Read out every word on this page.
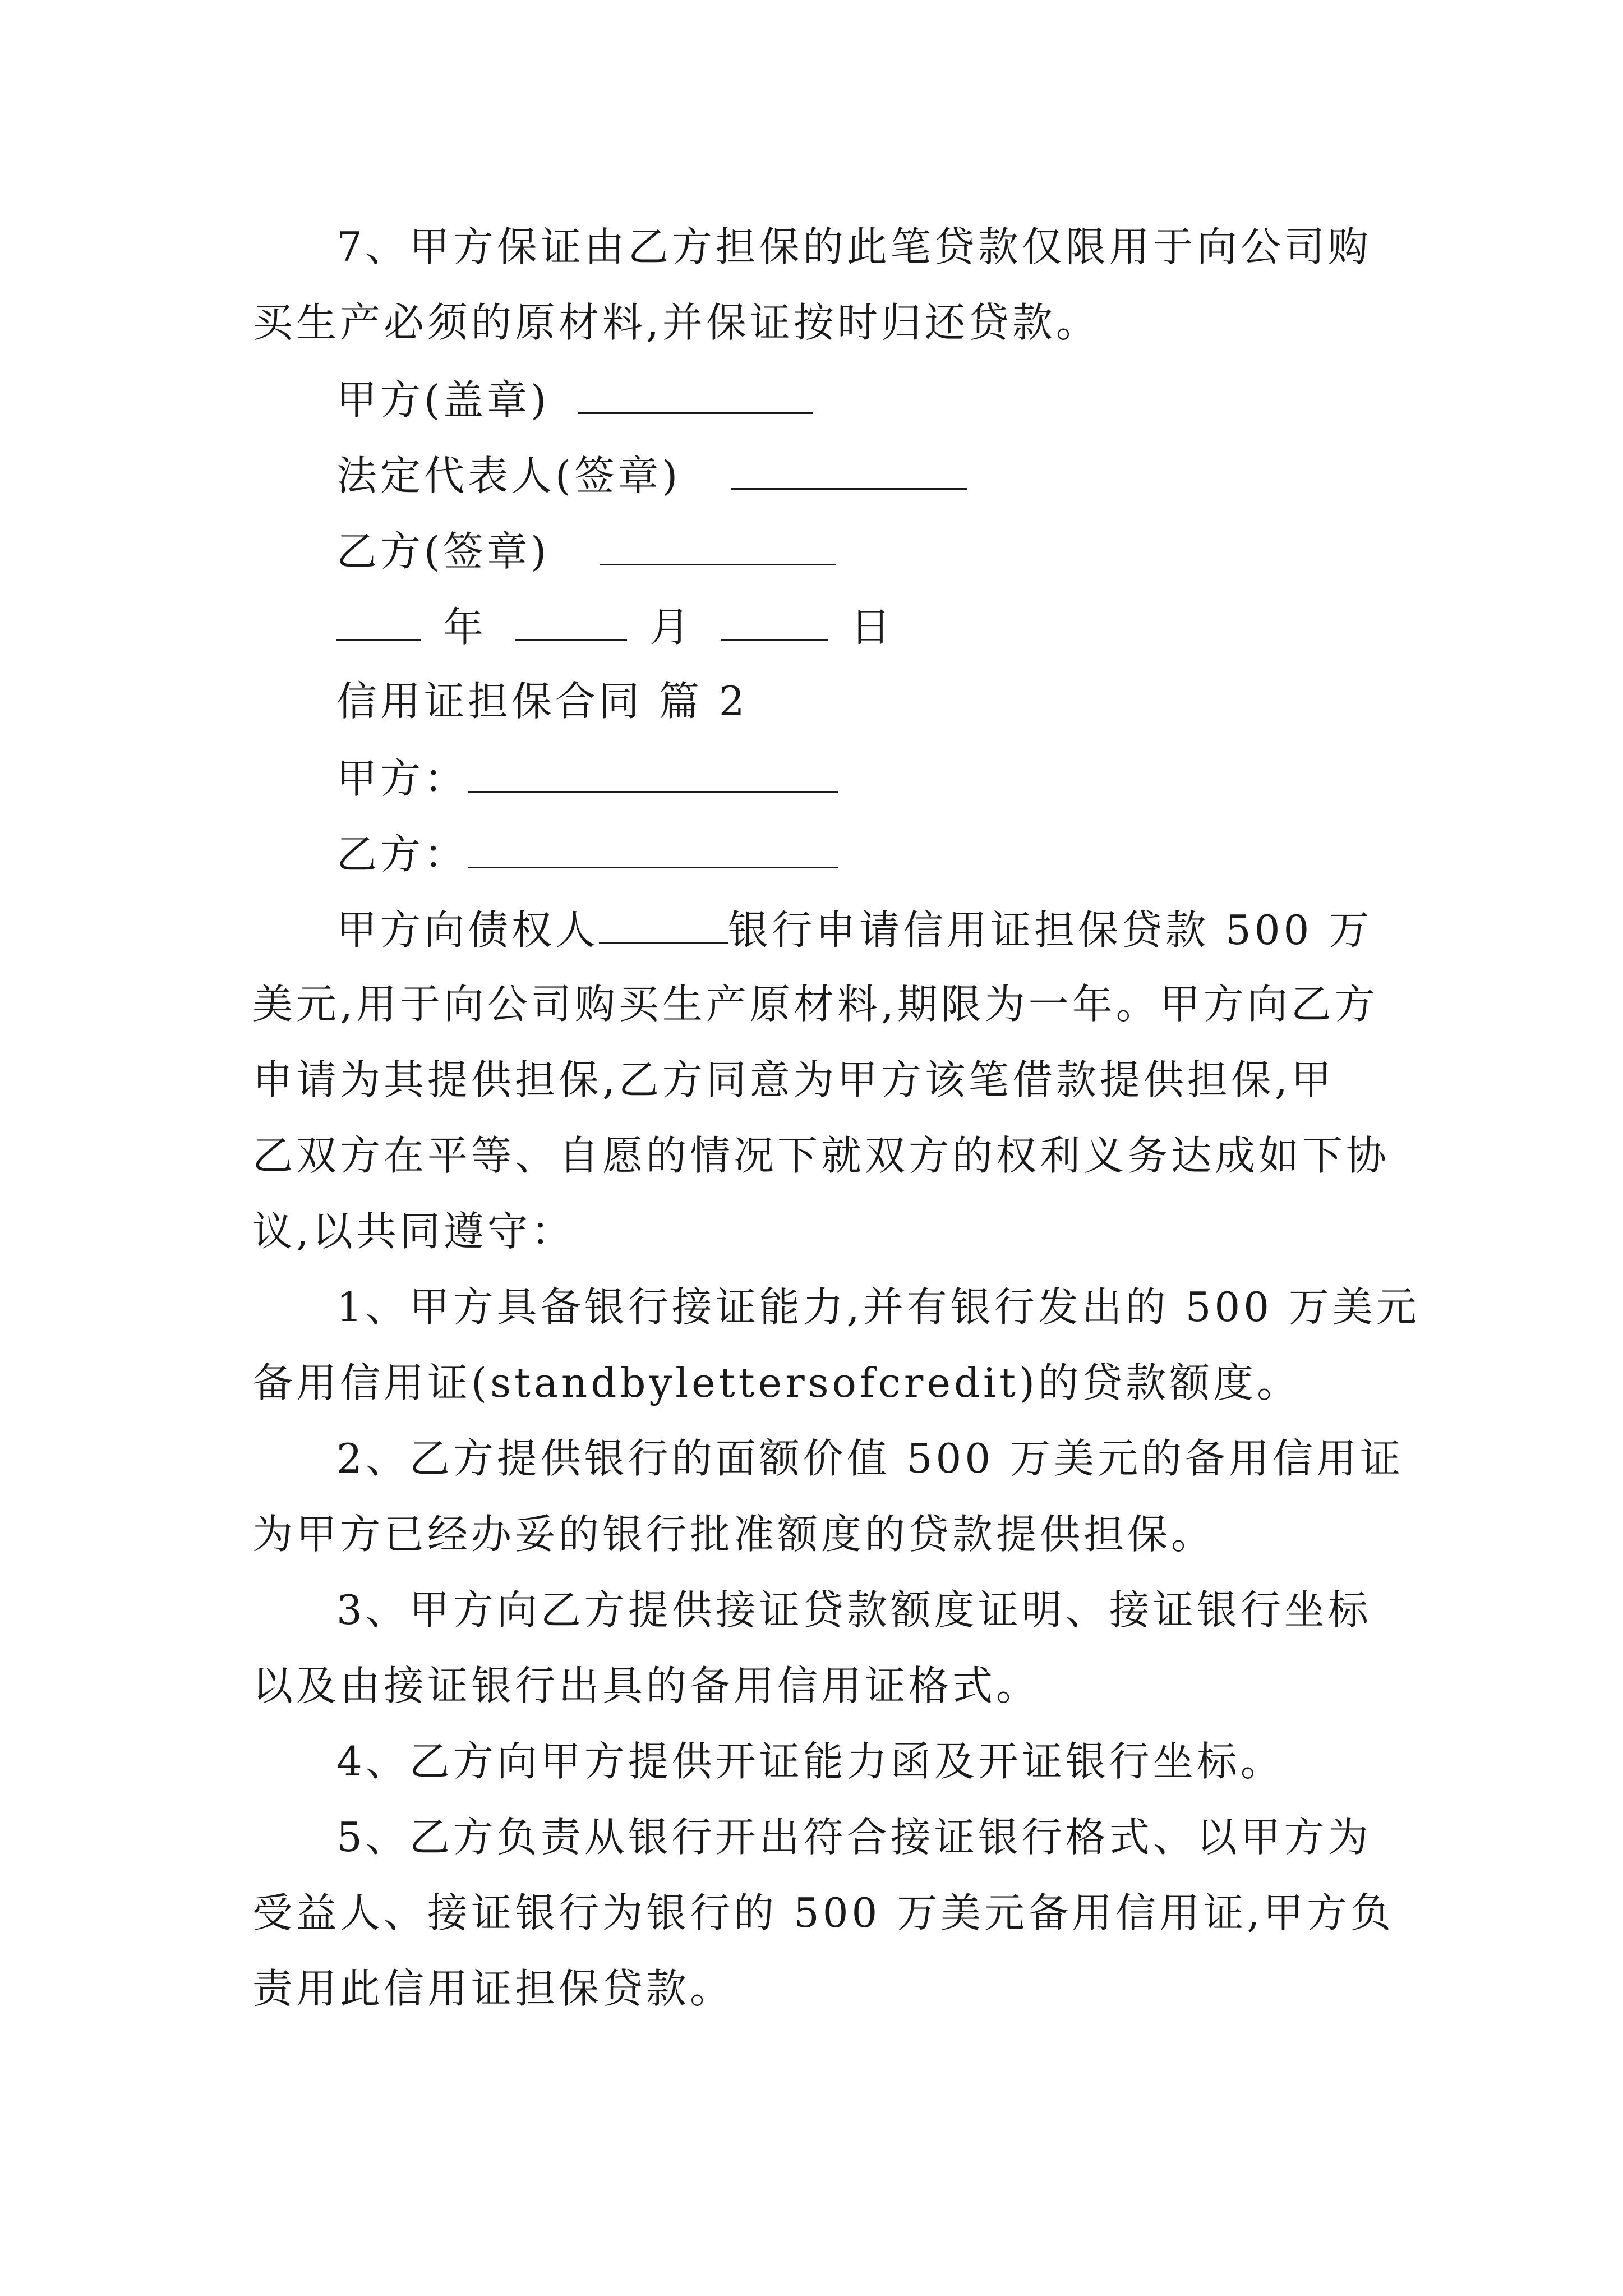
7、甲方保证由乙方担保的此笔贷款仅限用于向公司购
买生产必须的原材料,并保证按时归还贷款。
甲方(盖章)
法定代表人(签章)
乙方(签章)
年	月	日
信用证担保合同 篇 2
甲方：
乙方：
甲方向债权人	银行申请信用证担保贷款 500 万
美元,用于向公司购买生产原材料,期限为一年。甲方向乙方
申请为其提供担保,乙方同意为甲方该笔借款提供担保,甲
乙双方在平等、自愿的情况下就双方的权利义务达成如下协
议,以共同遵守：
1、甲方具备银行接证能力,并有银行发出的 500 万美元
备用信用证(standbylettersofcredit)的贷款额度。
2、乙方提供银行的面额价值 500 万美元的备用信用证
为甲方已经办妥的银行批准额度的贷款提供担保。
3、甲方向乙方提供接证贷款额度证明、接证银行坐标
以及由接证银行出具的备用信用证格式。
4、乙方向甲方提供开证能力函及开证银行坐标。
5、乙方负责从银行开出符合接证银行格式、以甲方为
受益人、接证银行为银行的 500 万美元备用信用证,甲方负
责用此信用证担保贷款。
